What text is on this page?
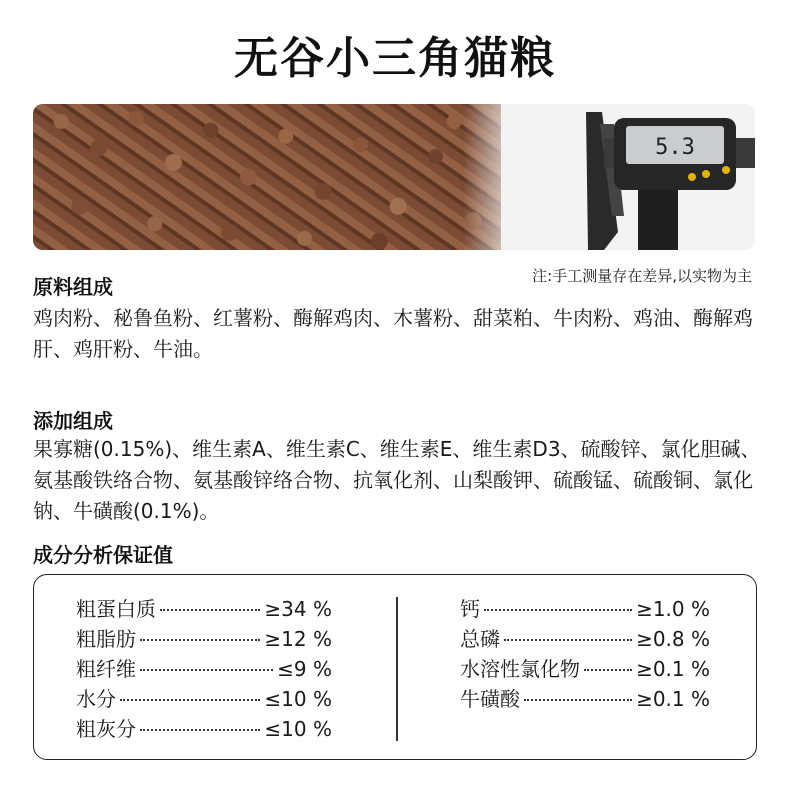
无谷小三角猫粮
5.3
注:手工测量存在差异,以实物为主
原料组成
鸡肉粉、秘鲁鱼粉、红薯粉、酶解鸡肉、木薯粉、甜菜粕、牛肉粉、鸡油、酶解鸡肝、鸡肝粉、牛油。
添加组成
果寡糖(0.15%)、维生素A、维生素C、维生素E、维生素D3、硫酸锌、氯化胆碱、氨基酸铁络合物、氨基酸锌络合物、抗氧化剂、山梨酸钾、硫酸锰、硫酸铜、氯化钠、牛磺酸(0.1%)。
成分分析保证值
粗蛋白质	≥34 %
粗脂肪	≥12 %
粗纤维	≤9 %
水分	≤10 %
粗灰分	≤10 %
钙	≥1.0 %
总磷	≥0.8 %
水溶性氯化物	≥0.1 %
牛磺酸	≥0.1 %
